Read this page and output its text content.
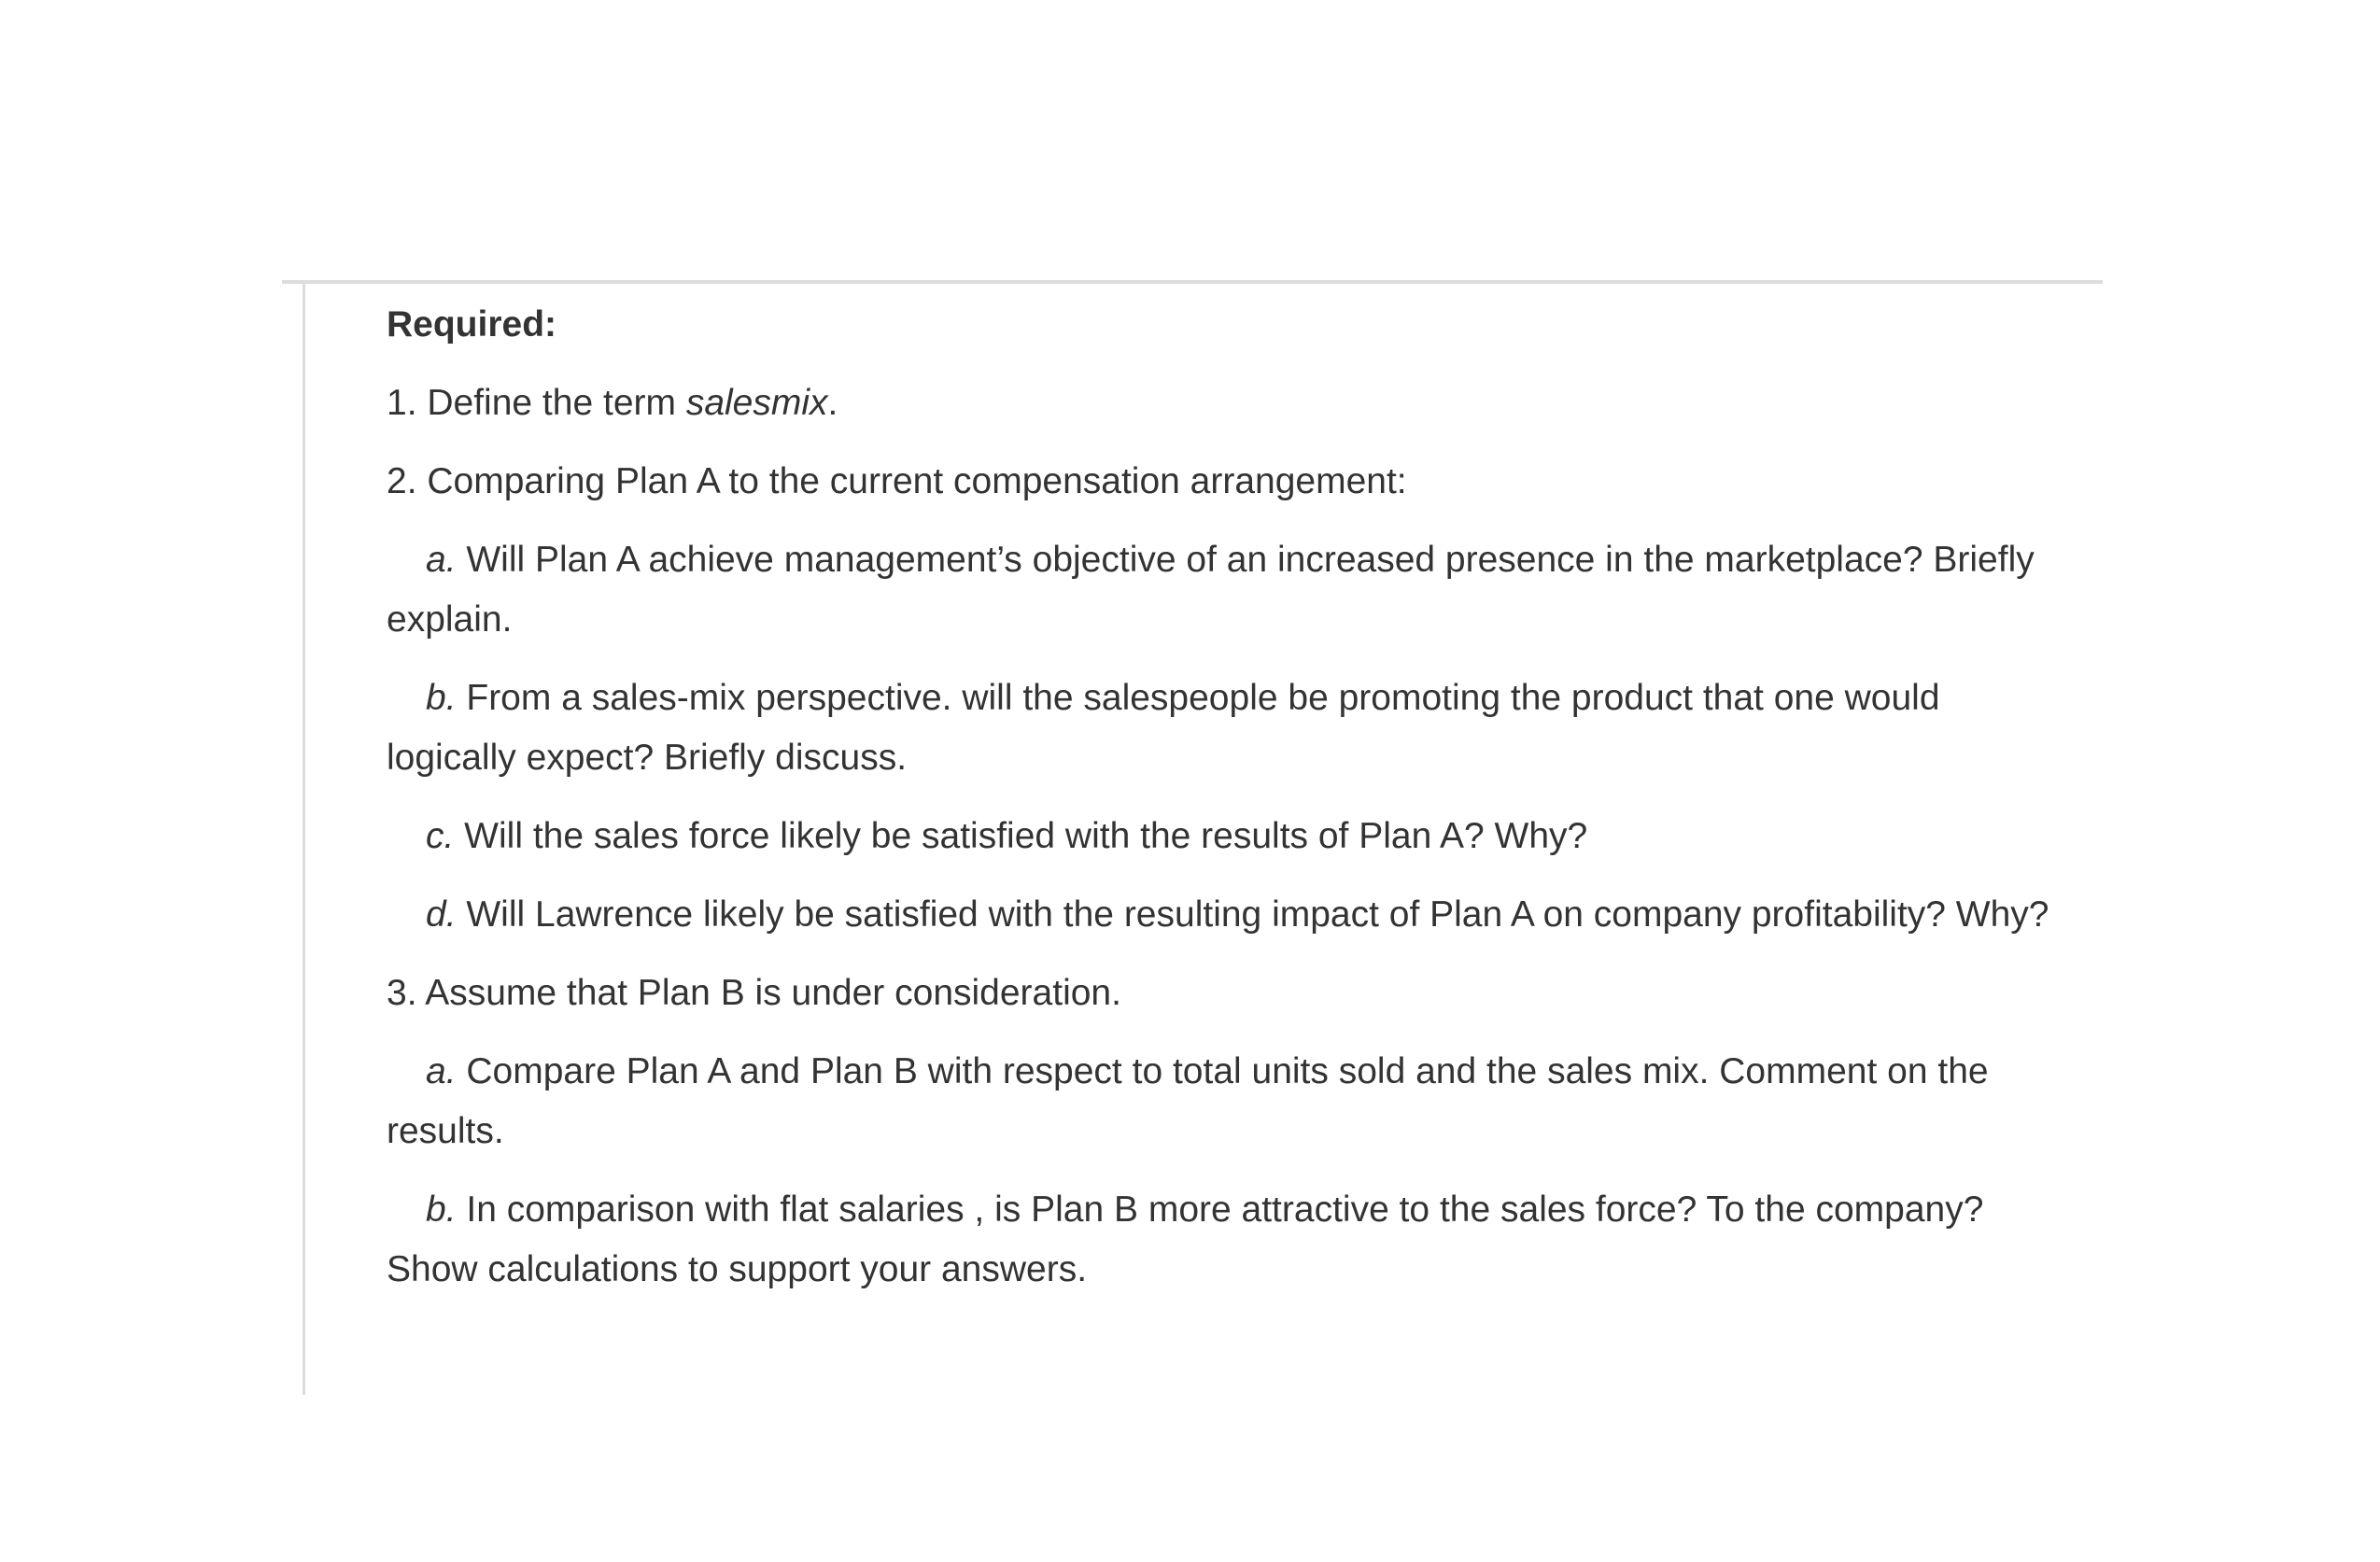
Required:

1. Define the term salesmix.

2. Comparing Plan A to the current compensation arrangement:

a. Will Plan A achieve management’s objective of an increased presence in the marketplace? Briefly explain.

b. From a sales-mix perspective. will the salespeople be promoting the product that one would logically expect? Briefly discuss.

c. Will the sales force likely be satisfied with the results of Plan A? Why?

d. Will Lawrence likely be satisfied with the resulting impact of Plan A on company profitability? Why?

3. Assume that Plan B is under consideration.

a. Compare Plan A and Plan B with respect to total units sold and the sales mix. Comment on the results.

b. In comparison with flat salaries , is Plan B more attractive to the sales force? To the company? Show calculations to support your answers.
